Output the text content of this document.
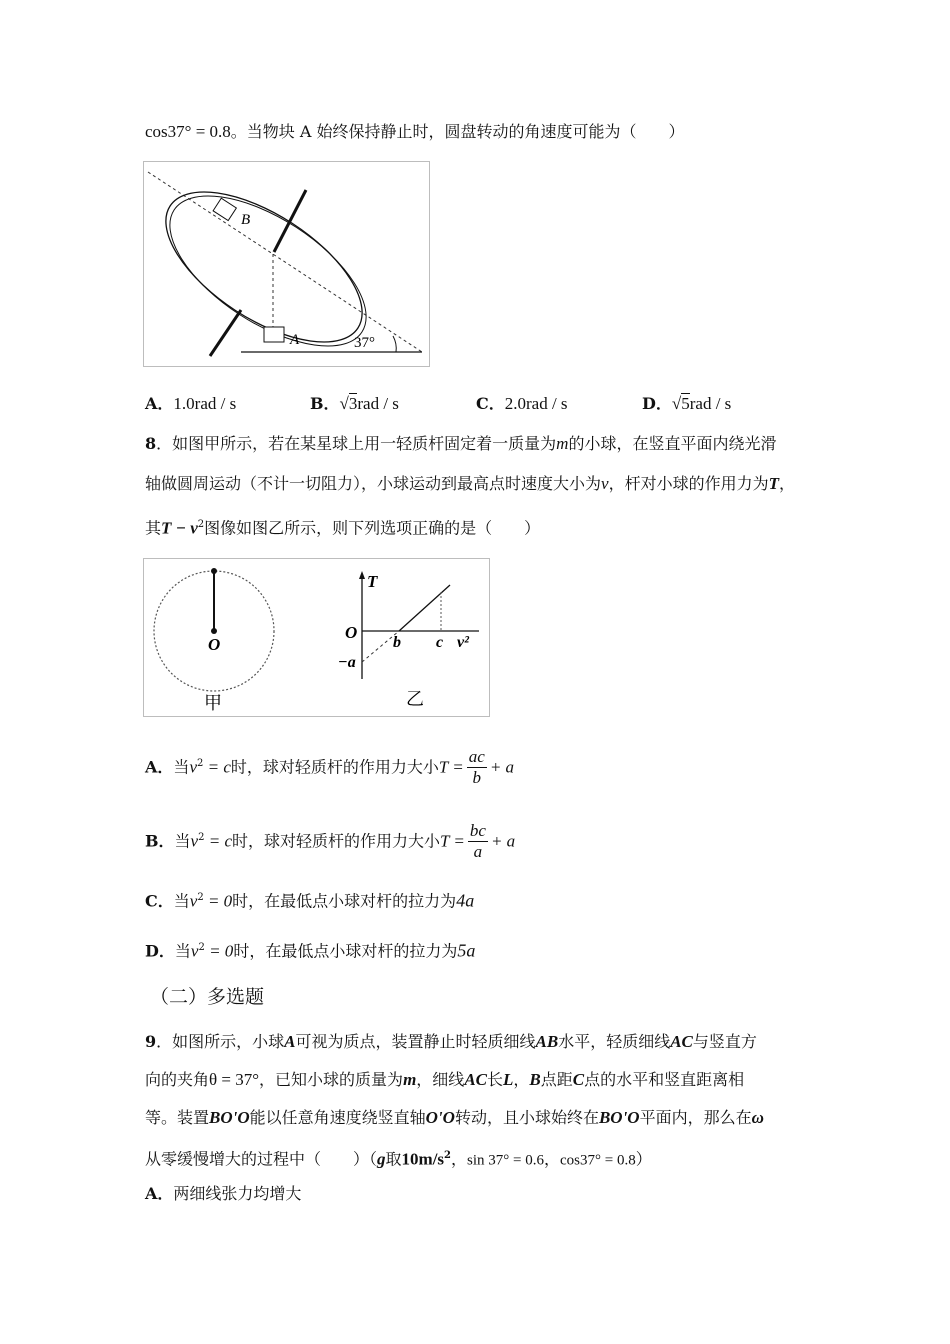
cos37° = 0.8。当物块 A 始终保持静止时，圆盘转动的角速度可能为（　　）
B
A	37°
A．1.0rad / s	B．√3rad / s	C．2.0rad / s	D．√5rad / s
8．如图甲所示，若在某星球上用一轻质杆固定着一质量为m的小球，在竖直平面内绕光滑
轴做圆周运动（不计一切阻力），小球运动到最高点时速度大小为v，杆对小球的作用力为T，
其$T - v^2$图像如图乙所示，则下列选项正确的是（　　）
O
甲
T
O
b c v²
−a
乙
A．当$v^2 = c$时，球对轻质杆的作用力大小$T = \frac{ac}{b} + a$
B．当$v^2 = c$时，球对轻质杆的作用力大小$T = \frac{bc}{a} + a$
C．当$v^2 = 0$时，在最低点小球对杆的拉力为4a
D．当$v^2 = 0$时，在最低点小球对杆的拉力为5a
（二）多选题
9．如图所示，小球A可视为质点，装置静止时轻质细线AB水平，轻质细线AC与竖直方
向的夹角θ = 37°，已知小球的质量为m，细线AC长L，B点距C点的水平和竖直距离相
等。装置BO'O能以任意角速度绕竖直轴O'O转动，且小球始终在BO'O平面内，那么在ω
从零缓慢增大的过程中（　　）（g取$10m/s^2$，sin 37° = 0.6，cos37° = 0.8）
A．两细线张力均增大
